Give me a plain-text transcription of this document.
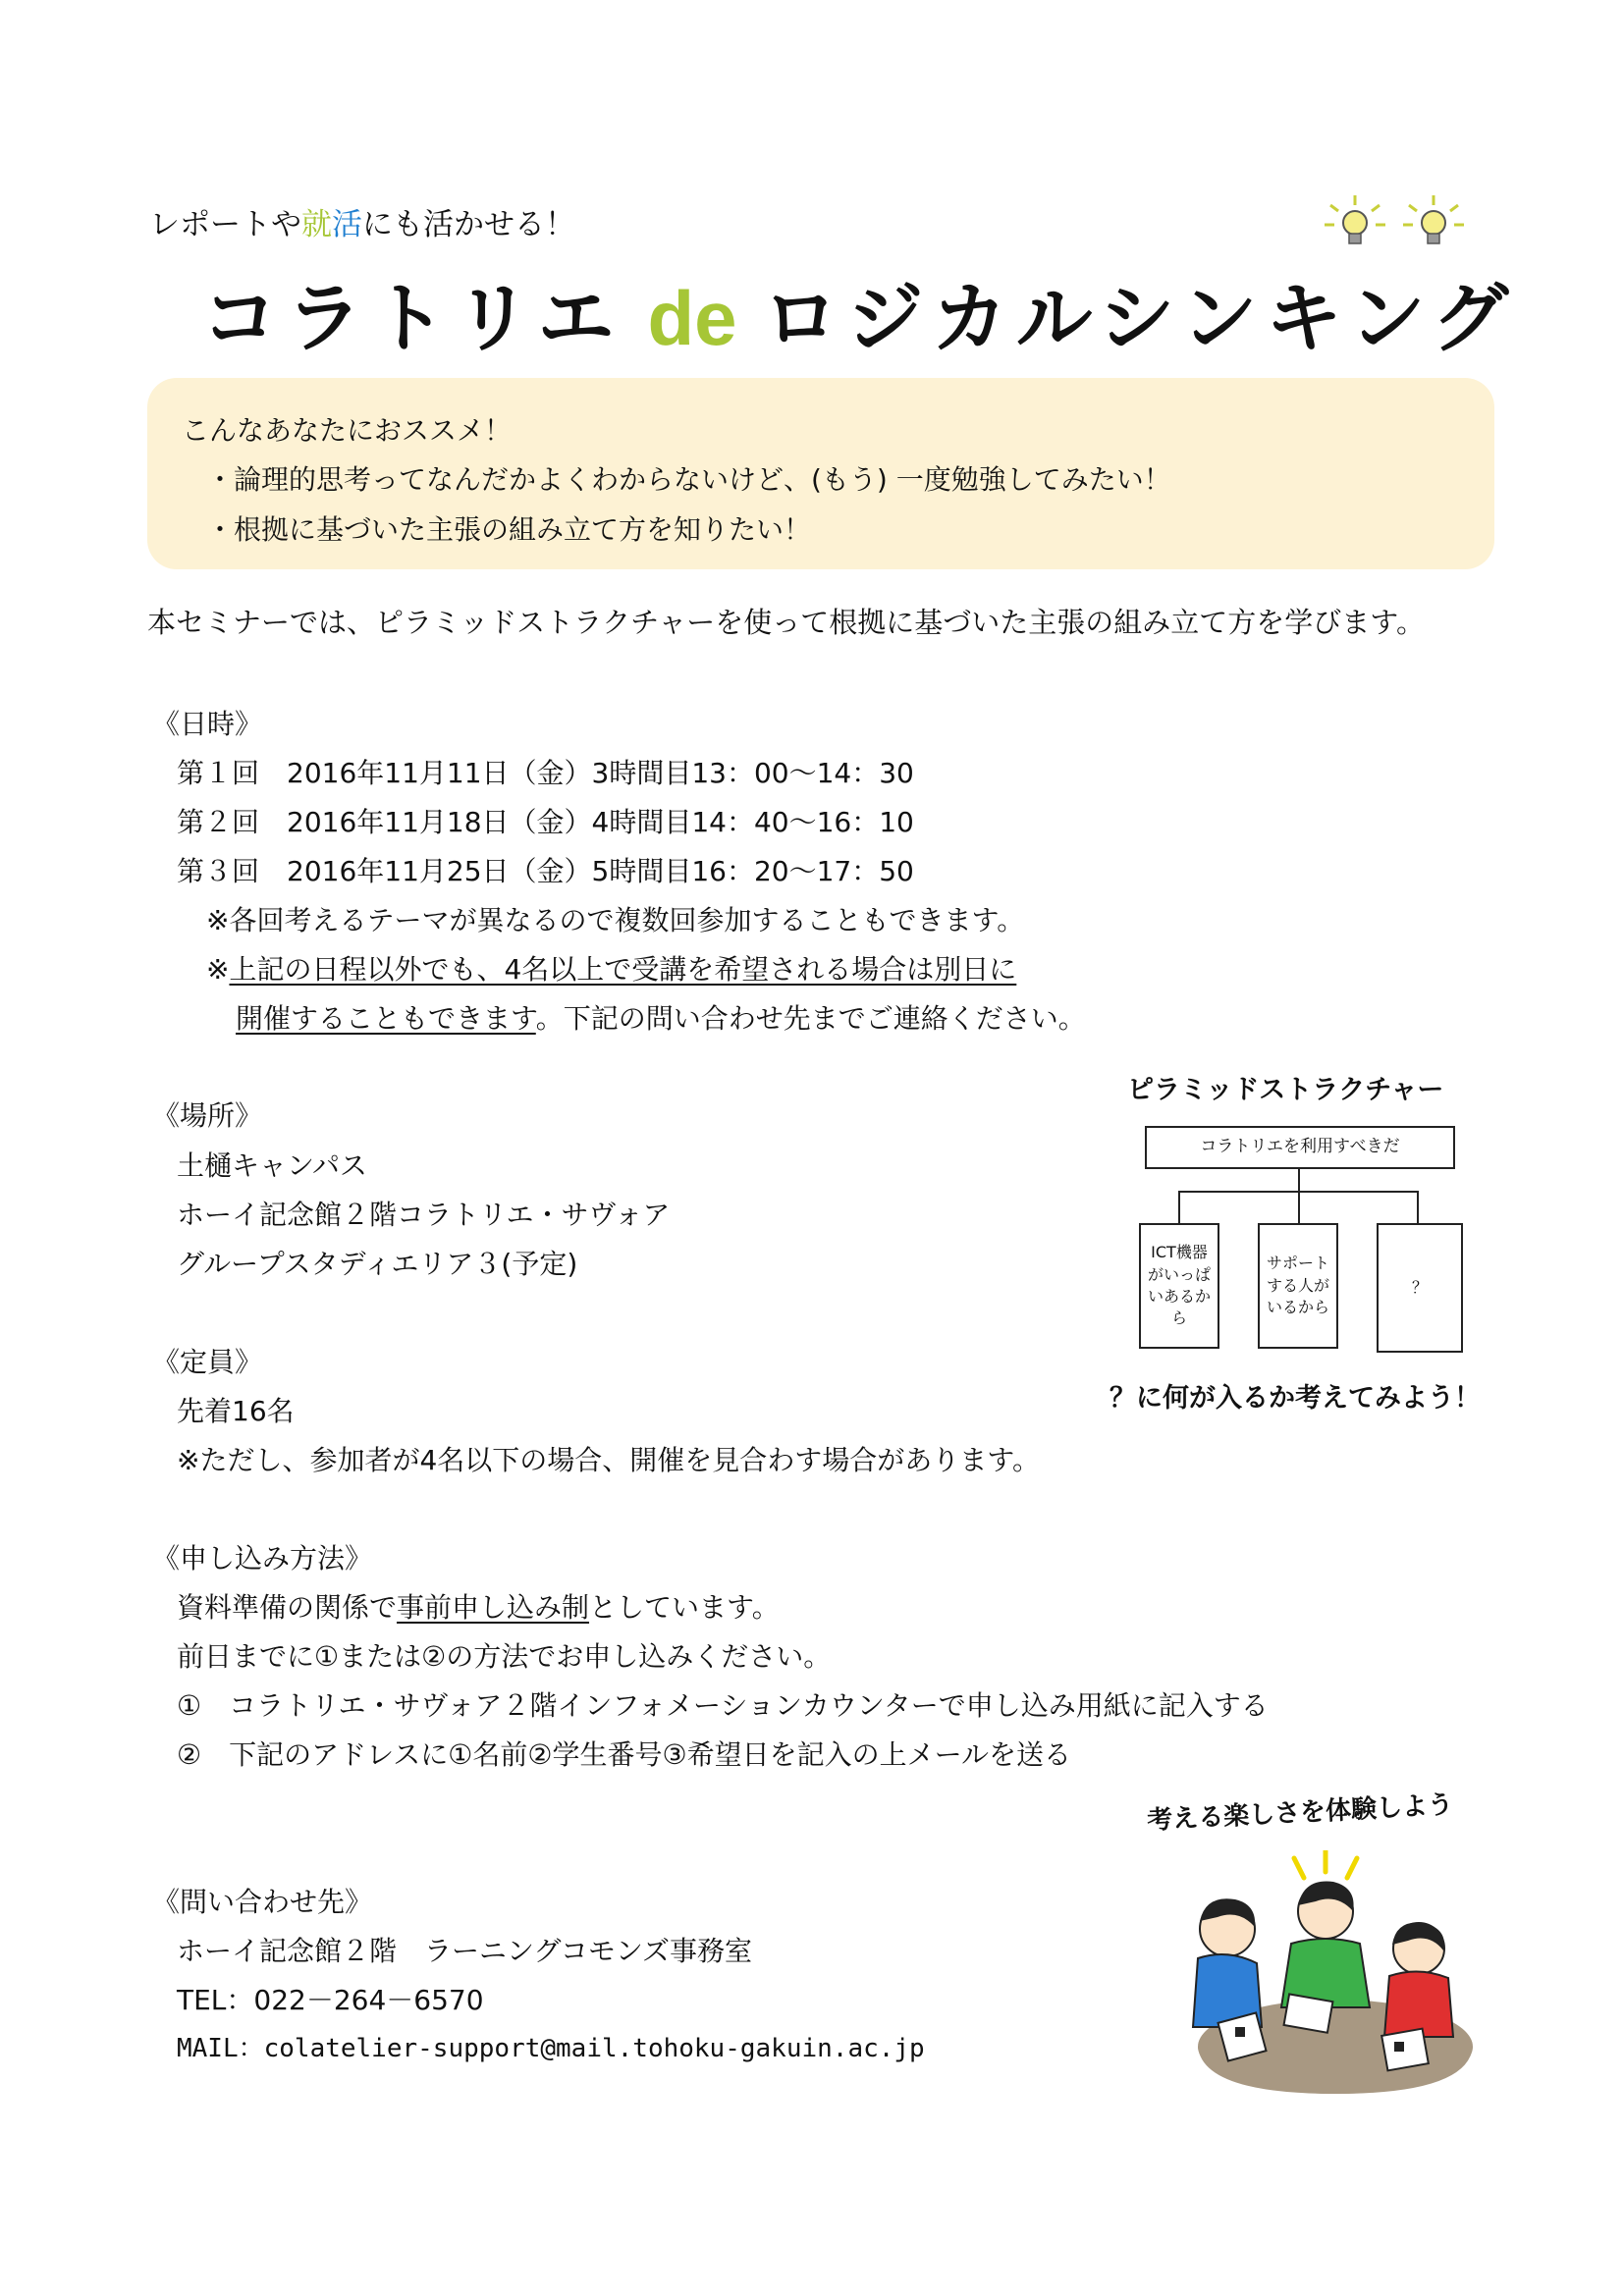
レポートや就活にも活かせる！
コラトリエ de ロジカルシンキング
こんなあなたにおススメ！
・論理的思考ってなんだかよくわからないけど、(もう) 一度勉強してみたい！
・根拠に基づいた主張の組み立て方を知りたい！
本セミナーでは、ピラミッドストラクチャーを使って根拠に基づいた主張の組み立て方を学びます。
《日時》
第１回　2016年11月11日（金）3時間目13：00～14：30
第２回　2016年11月18日（金）4時間目14：40～16：10
第３回　2016年11月25日（金）5時間目16：20～17：50
※各回考えるテーマが異なるので複数回参加することもできます。
※上記の日程以外でも、4名以上で受講を希望される場合は別日に
開催することもできます。下記の問い合わせ先までご連絡ください。
《場所》
土樋キャンパス
ホーイ記念館２階コラトリエ・サヴォア
グループスタディエリア３(予定)
《定員》
先着16名
※ただし、参加者が4名以下の場合、開催を見合わす場合があります。
《申し込み方法》
資料準備の関係で事前申し込み制としています。
前日までに①または②の方法でお申し込みください。
①　コラトリエ・サヴォア２階インフォメーションカウンターで申し込み用紙に記入する
②　下記のアドレスに①名前②学生番号③希望日を記入の上メールを送る
《問い合わせ先》
ホーイ記念館２階　ラーニングコモンズ事務室
TEL：022－264－6570
MAIL：colatelier-support@mail.tohoku-gakuin.ac.jp
ピラミッドストラクチャー
コラトリエを利用すべきだ
ICT機器がいっぱいあるから
サポートする人がいるから
？
？に何が入るか考えてみよう！
考える楽しさを体験しよう
